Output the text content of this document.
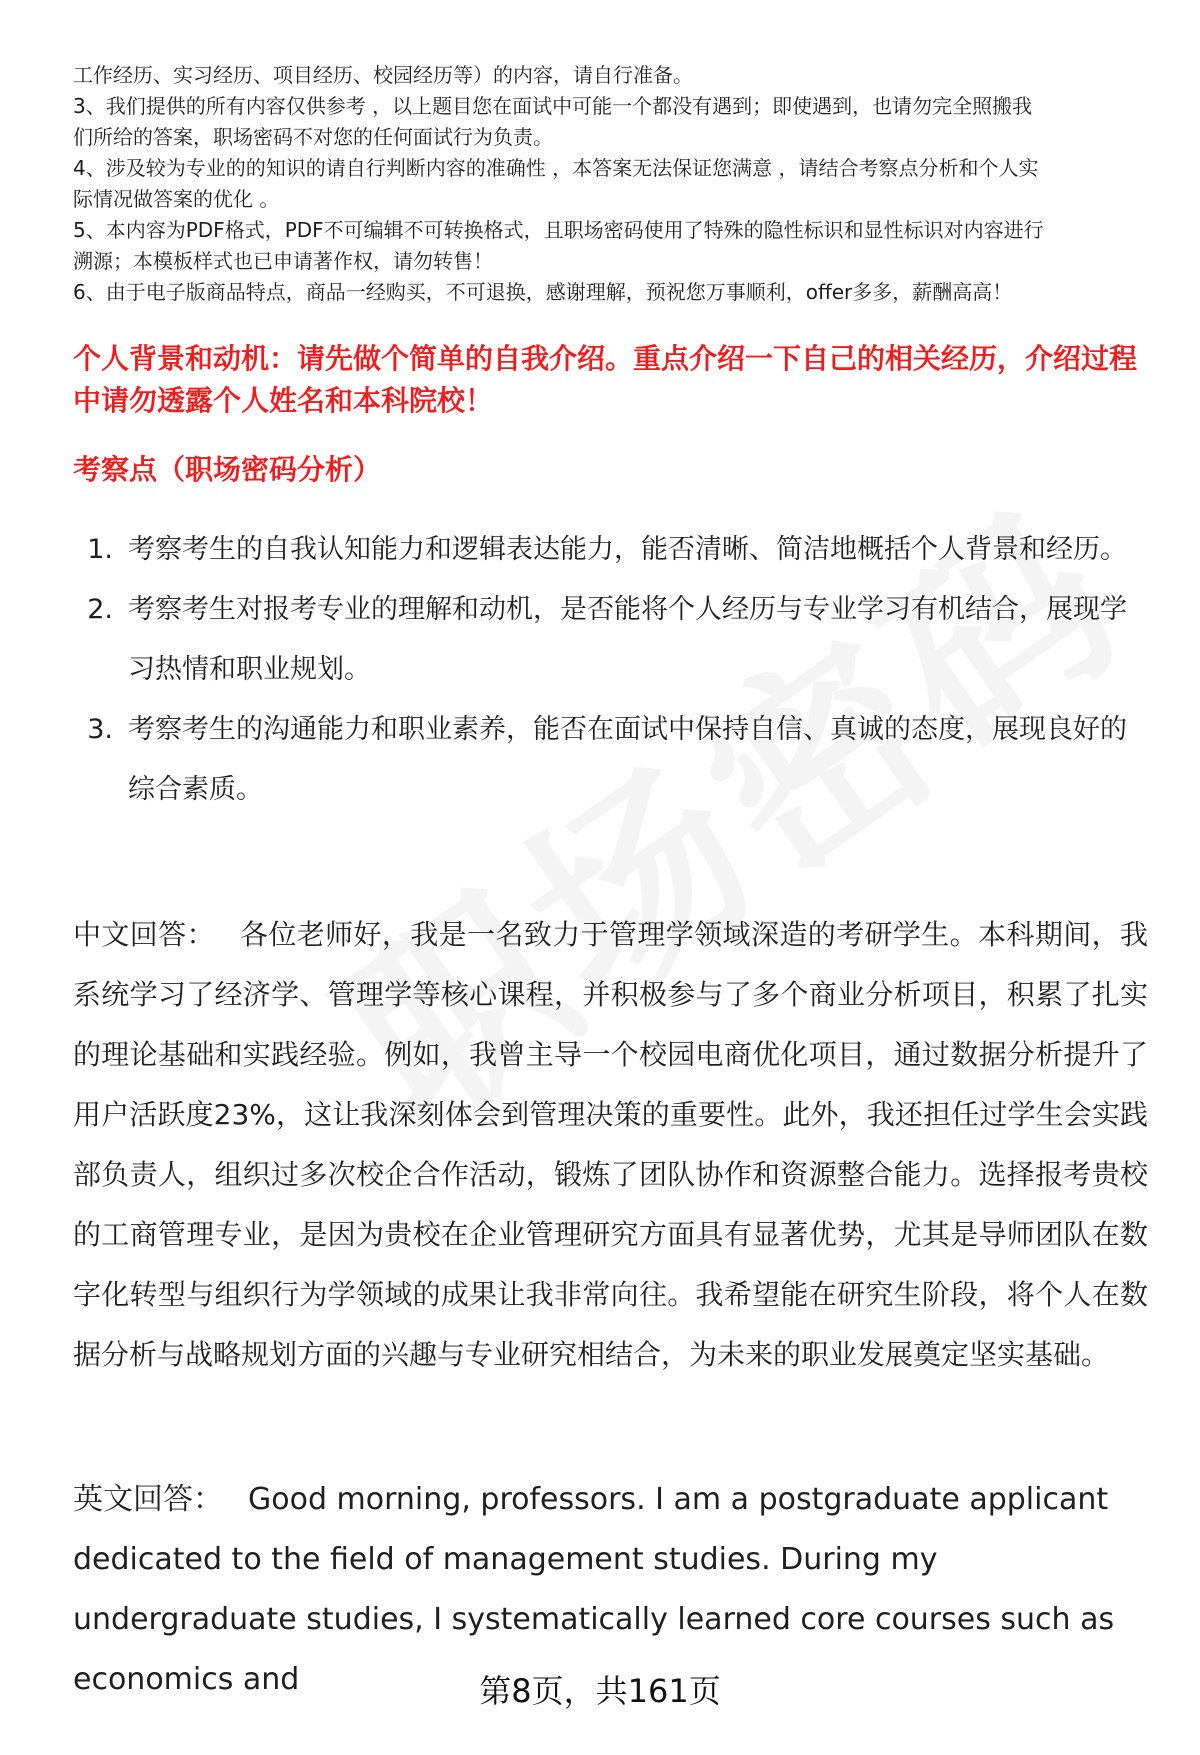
工作经历、实习经历、项目经历、校园经历等）的内容，请自行准备。

3、我们提供的所有内容仅供参考 ，以上题目您在面试中可能一个都没有遇到；即使遇到，也请勿完全照搬我

们所给的答案，职场密码不对您的任何面试行为负责。

4、涉及较为专业的的知识的请自行判断内容的准确性 ，本答案无法保证您满意 ，请结合考察点分析和个人实

际情况做答案的优化 。

5、本内容为PDF格式，PDF不可编辑不可转换格式，且职场密码使用了特殊的隐性标识和显性标识对内容进行

溯源；本模板样式也已申请著作权，请勿转售！

6、由于电子版商品特点，商品一经购买，不可退换，感谢理解，预祝您万事顺利，offer多多，薪酬高高！

个人背景和动机：请先做个简单的自我介绍。重点介绍一下自己的相关经历，介绍过程中请勿透露个人姓名和本科院校！
考察点（职场密码分析）
1. 考察考生的自我认知能力和逻辑表达能力，能否清晰、简洁地概括个人背景和经历。
2. 考察考生对报考专业的理解和动机，是否能将个人经历与专业学习有机结合，展现学习热情和职业规划。
3. 考察考生的沟通能力和职业素养，能否在面试中保持自信、真诚的态度，展现良好的综合素质。
中文回答： 各位老师好，我是一名致力于管理学领域深造的考研学生。本科期间，我系统学习了经济学、管理学等核心课程，并积极参与了多个商业分析项目，积累了扎实的理论基础和实践经验。例如，我曾主导一个校园电商优化项目，通过数据分析提升了用户活跃度23%，这让我深刻体会到管理决策的重要性。此外，我还担任过学生会实践部负责人，组织过多次校企合作活动，锻炼了团队协作和资源整合能力。选择报考贵校的工商管理专业，是因为贵校在企业管理研究方面具有显著优势，尤其是导师团队在数字化转型与组织行为学领域的成果让我非常向往。我希望能在研究生阶段，将个人在数据分析与战略规划方面的兴趣与专业研究相结合，为未来的职业发展奠定坚实基础。
英文回答： Good morning, professors. I am a postgraduate applicant dedicated to the field of management studies. During my undergraduate studies, I systematically learned core courses such as economics and	第8页，共161页
